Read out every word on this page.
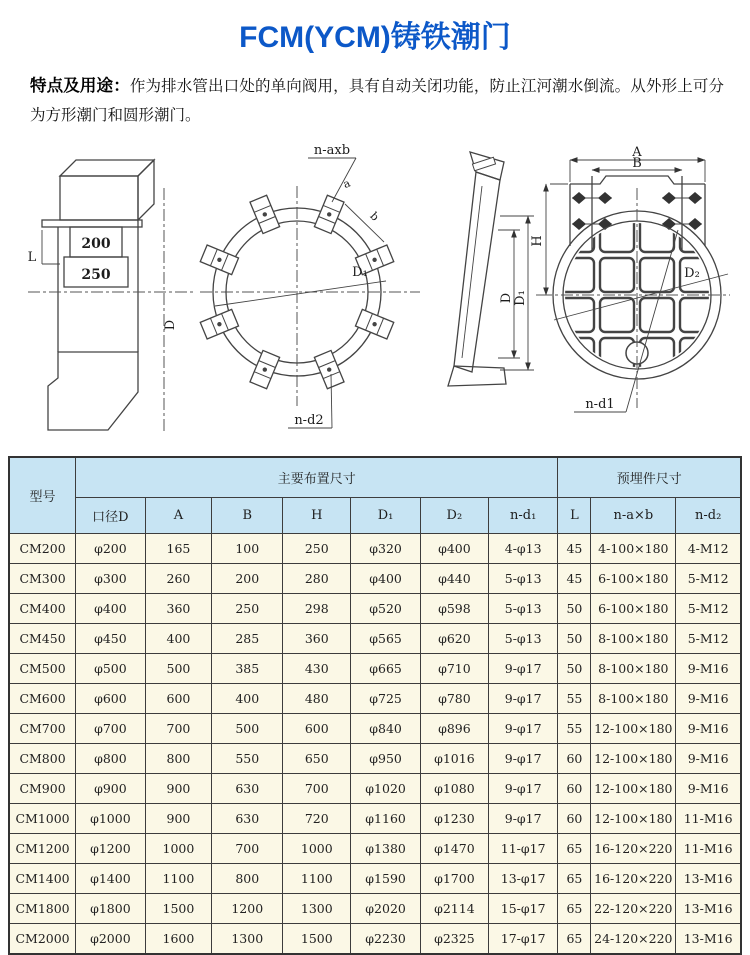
FCM(YCM)铸铁潮门

特点及用途：作为排水管出口处的单向阀用，具有自动关闭功能，防止江河潮水倒流。从外形上可分为方形潮门和圆形潮门。

L
200
250
D
D₁
n-axb
a
b
n-d2
D D₁
H
A
B
D₂
n-d1
型号	主要布置尺寸							预埋件尺寸		
	口径D	A	B	H	D₁	D₂	n-d₁	L	n-a×b	n-d₂
CM200	φ200	165	100	250	φ320	φ400	4-φ13	45	4-100×180	4-M12
CM300	φ300	260	200	280	φ400	φ440	5-φ13	45	6-100×180	5-M12
CM400	φ400	360	250	298	φ520	φ598	5-φ13	50	6-100×180	5-M12
CM450	φ450	400	285	360	φ565	φ620	5-φ13	50	8-100×180	5-M12
CM500	φ500	500	385	430	φ665	φ710	9-φ17	50	8-100×180	9-M16
CM600	φ600	600	400	480	φ725	φ780	9-φ17	55	8-100×180	9-M16
CM700	φ700	700	500	600	φ840	φ896	9-φ17	55	12-100×180	9-M16
CM800	φ800	800	550	650	φ950	φ1016	9-φ17	60	12-100×180	9-M16
CM900	φ900	900	630	700	φ1020	φ1080	9-φ17	60	12-100×180	9-M16
CM1000	φ1000	900	630	720	φ1160	φ1230	9-φ17	60	12-100×180	11-M16
CM1200	φ1200	1000	700	1000	φ1380	φ1470	11-φ17	65	16-120×220	11-M16
CM1400	φ1400	1100	800	1100	φ1590	φ1700	13-φ17	65	16-120×220	13-M16
CM1800	φ1800	1500	1200	1300	φ2020	φ2114	15-φ17	65	22-120×220	13-M16
CM2000	φ2000	1600	1300	1500	φ2230	φ2325	17-φ17	65	24-120×220	13-M16
